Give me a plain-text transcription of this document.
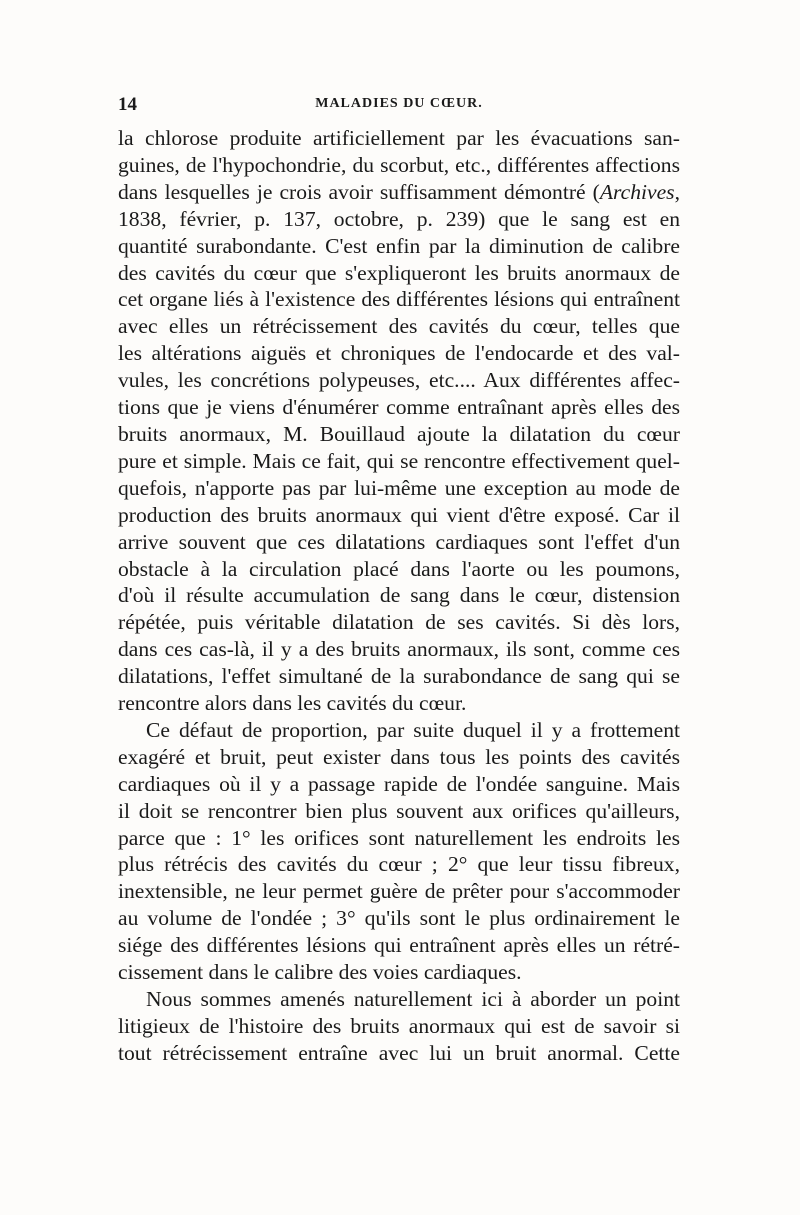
14	MALADIES DU CŒUR.
la chlorose produite artificiellement par les évacuations san-
guines, de l'hypochondrie, du scorbut, etc., différentes affections
dans lesquelles je crois avoir suffisamment démontré (Archives,
1838, février, p. 137, octobre, p. 239) que le sang est en
quantité surabondante. C'est enfin par la diminution de calibre
des cavités du cœur que s'expliqueront les bruits anormaux de
cet organe liés à l'existence des différentes lésions qui entraînent
avec elles un rétrécissement des cavités du cœur, telles que
les altérations aiguës et chroniques de l'endocarde et des val-
vules, les concrétions polypeuses, etc.... Aux différentes affec-
tions que je viens d'énumérer comme entraînant après elles des
bruits anormaux, M. Bouillaud ajoute la dilatation du cœur
pure et simple. Mais ce fait, qui se rencontre effectivement quel-
quefois, n'apporte pas par lui-même une exception au mode de
production des bruits anormaux qui vient d'être exposé. Car il
arrive souvent que ces dilatations cardiaques sont l'effet d'un
obstacle à la circulation placé dans l'aorte ou les poumons,
d'où il résulte accumulation de sang dans le cœur, distension
répétée, puis véritable dilatation de ses cavités. Si dès lors,
dans ces cas-là, il y a des bruits anormaux, ils sont, comme ces
dilatations, l'effet simultané de la surabondance de sang qui se
rencontre alors dans les cavités du cœur.
Ce défaut de proportion, par suite duquel il y a frottement
exagéré et bruit, peut exister dans tous les points des cavités
cardiaques où il y a passage rapide de l'ondée sanguine. Mais
il doit se rencontrer bien plus souvent aux orifices qu'ailleurs,
parce que : 1° les orifices sont naturellement les endroits les
plus rétrécis des cavités du cœur ; 2° que leur tissu fibreux,
inextensible, ne leur permet guère de prêter pour s'accommoder
au volume de l'ondée ; 3° qu'ils sont le plus ordinairement le
siége des différentes lésions qui entraînent après elles un rétré-
cissement dans le calibre des voies cardiaques.
Nous sommes amenés naturellement ici à aborder un point
litigieux de l'histoire des bruits anormaux qui est de savoir si
tout rétrécissement entraîne avec lui un bruit anormal. Cette
